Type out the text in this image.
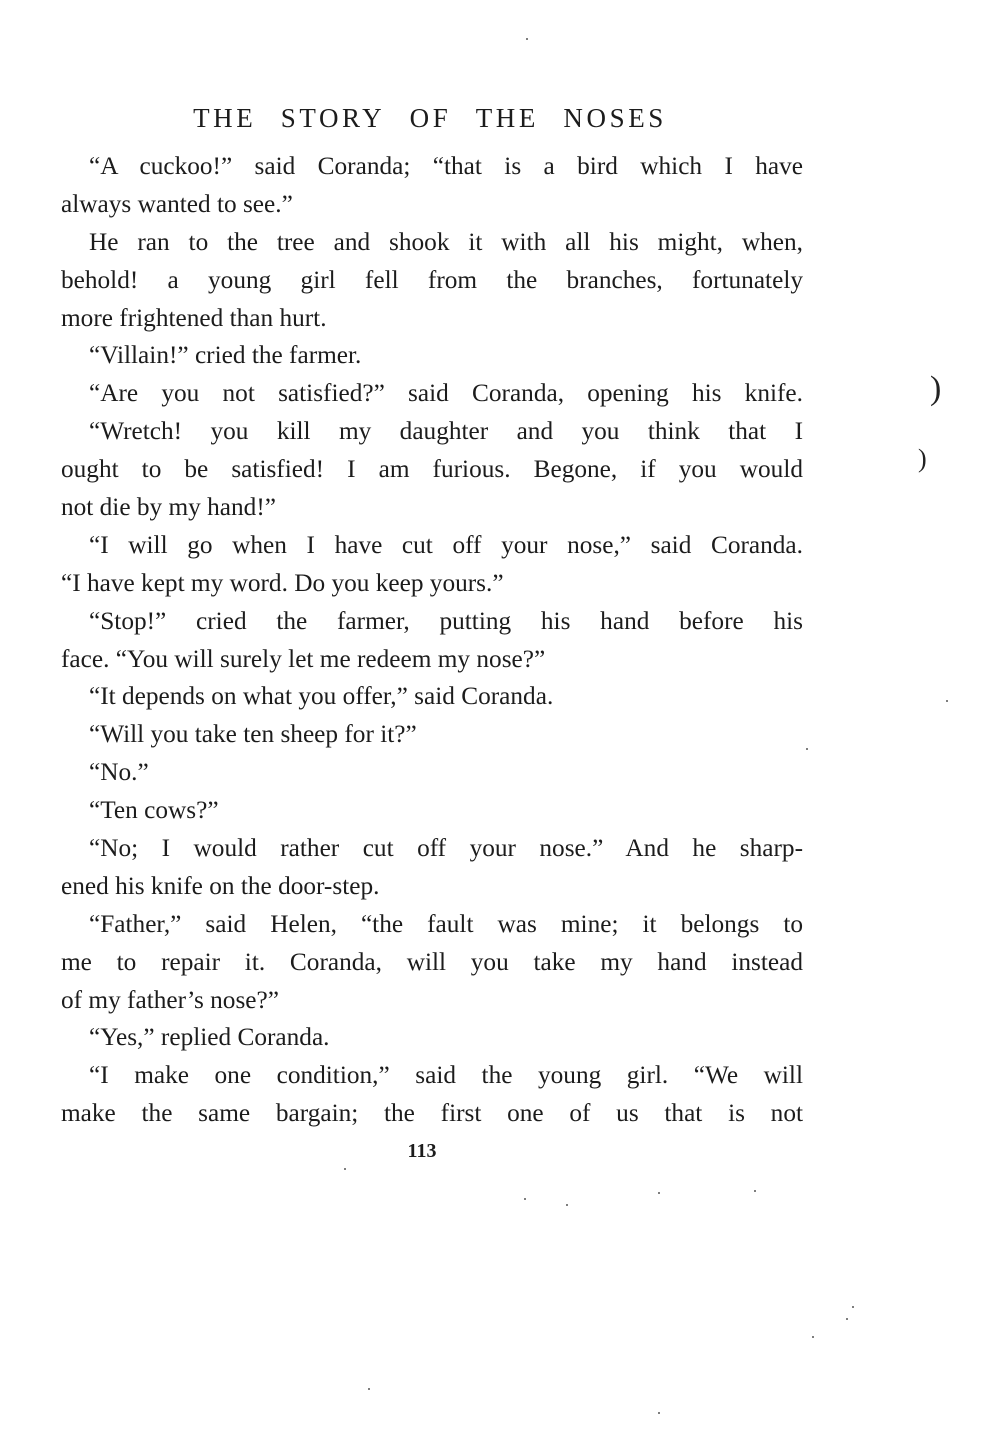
THE STORY OF THE NOSES
“A cuckoo!” said Coranda; “that is a bird which I have
always wanted to see.”
He ran to the tree and shook it with all his might, when,
behold! a young girl fell from the branches, fortunately
more frightened than hurt.
“Villain!” cried the farmer.
“Are you not satisfied?” said Coranda, opening his knife.
“Wretch! you kill my daughter and you think that I
ought to be satisfied! I am furious. Begone, if you would
not die by my hand!”
“I will go when I have cut off your nose,” said Coranda.
“I have kept my word. Do you keep yours.”
“Stop!” cried the farmer, putting his hand before his
face. “You will surely let me redeem my nose?”
“It depends on what you offer,” said Coranda.
“Will you take ten sheep for it?”
“No.”
“Ten cows?”
“No; I would rather cut off your nose.” And he sharp-
ened his knife on the door-step.
“Father,” said Helen, “the fault was mine; it belongs to
me to repair it. Coranda, will you take my hand instead
of my father’s nose?”
“Yes,” replied Coranda.
“I make one condition,” said the young girl. “We will
make the same bargain; the first one of us that is not
113
)
)
